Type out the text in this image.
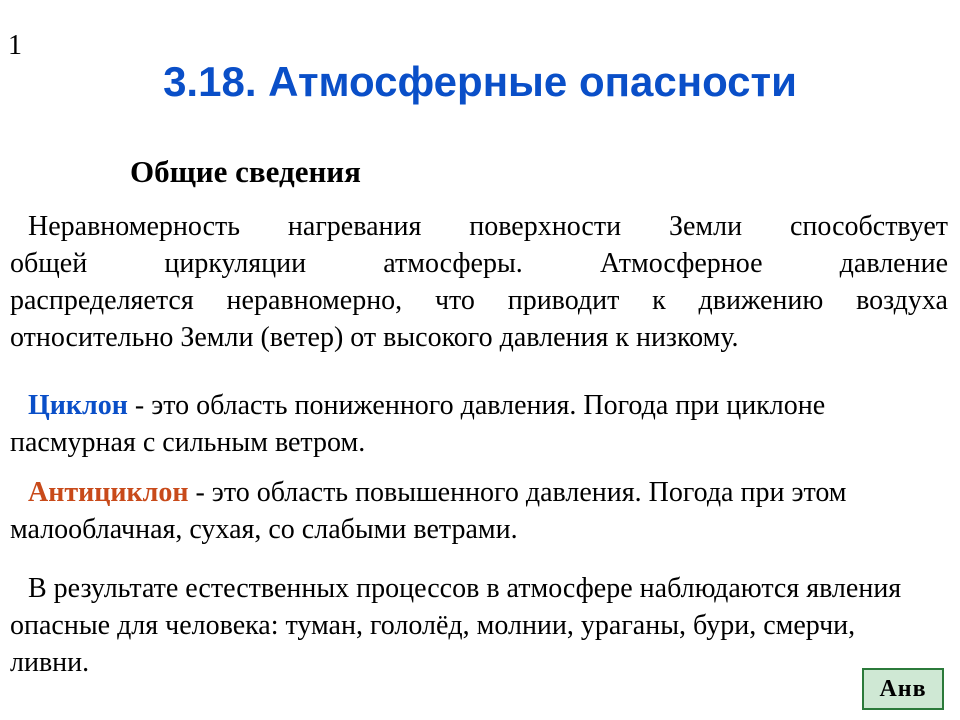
1
3.18. Атмосферные опасности
Общие сведения
Неравномерность нагревания поверхности Земли способствует
общей циркуляции атмосферы. Атмосферное давление
распределяется неравномерно, что приводит к движению воздуха
относительно Земли (ветер) от высокого давления к низкому.
Циклон - это область пониженного давления. Погода при циклоне пасмурная с сильным ветром.
Антициклон - это область повышенного давления. Погода при этом малооблачная, сухая, со слабыми ветрами.
В результате естественных процессов в атмосфере наблюдаются явления опасные для человека: туман, гололёд, молнии, ураганы, бури, смерчи, ливни.
Анв
